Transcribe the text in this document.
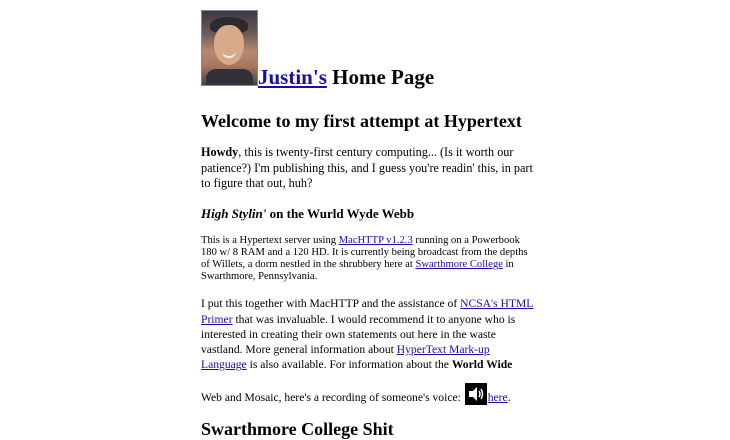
Justin's Home Page
Welcome to my first attempt at Hypertext

Howdy, this is twenty-first century computing... (Is it worth our patience?) I'm publishing this, and I guess you're readin' this, in part to figure that out, huh?

High Stylin' on the Wurld Wyde Webb

This is a Hypertext server using MacHTTP v1.2.3 running on a Powerbook 180 w/ 8 RAM and a 120 HD. It is currently being broadcast from the depths of Willets, a dorm nestled in the shrubbery here at Swarthmore College in Swarthmore, Pennsylvania.

I put this together with MacHTTP and the assistance of NCSA's HTML Primer that was invaluable. I would recommend it to anyone who is interested in creating their own statements out here in the waste vastland. More general information about HyperText Mark-up Language is also available. For information about the World Wide

Web and Mosaic, here's a recording of someone's voice:
here.

Swarthmore College Shit
